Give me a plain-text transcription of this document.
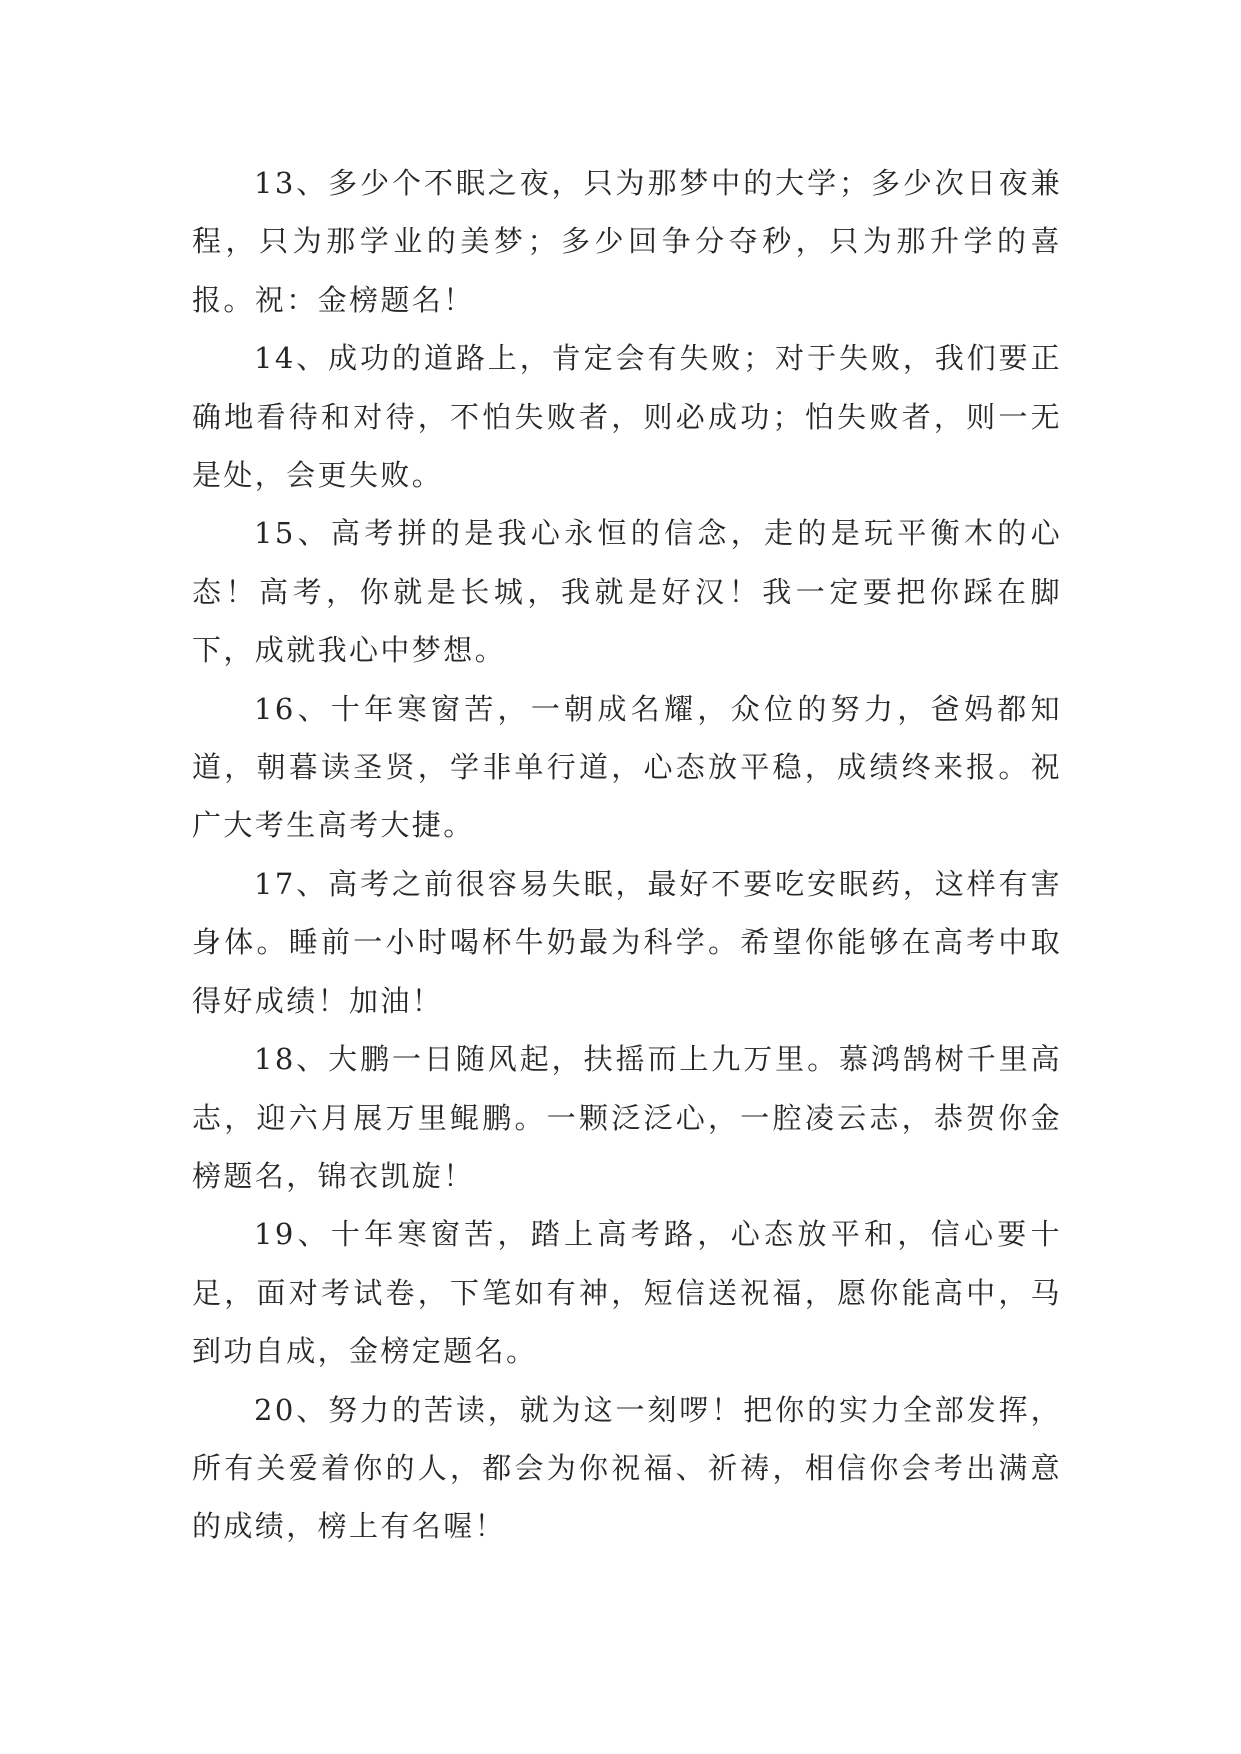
13、多少个不眠之夜，只为那梦中的大学；多少次日夜兼程，只为那学业的美梦；多少回争分夺秒，只为那升学的喜报。祝：金榜题名！

14、成功的道路上，肯定会有失败；对于失败，我们要正确地看待和对待，不怕失败者，则必成功；怕失败者，则一无是处，会更失败。

15、高考拼的是我心永恒的信念，走的是玩平衡木的心态！高考，你就是长城，我就是好汉！我一定要把你踩在脚下，成就我心中梦想。

16、十年寒窗苦，一朝成名耀，众位的努力，爸妈都知道，朝暮读圣贤，学非单行道，心态放平稳，成绩终来报。祝广大考生高考大捷。

17、高考之前很容易失眠，最好不要吃安眠药，这样有害身体。睡前一小时喝杯牛奶最为科学。希望你能够在高考中取得好成绩！加油！

18、大鹏一日随风起，扶摇而上九万里。慕鸿鹄树千里高志，迎六月展万里鲲鹏。一颗泛泛心，一腔凌云志，恭贺你金榜题名，锦衣凯旋！

19、十年寒窗苦，踏上高考路，心态放平和，信心要十足，面对考试卷，下笔如有神，短信送祝福，愿你能高中，马到功自成，金榜定题名。

20、努力的苦读，就为这一刻啰！把你的实力全部发挥，所有关爱着你的人，都会为你祝福、祈祷，相信你会考出满意的成绩，榜上有名喔！
